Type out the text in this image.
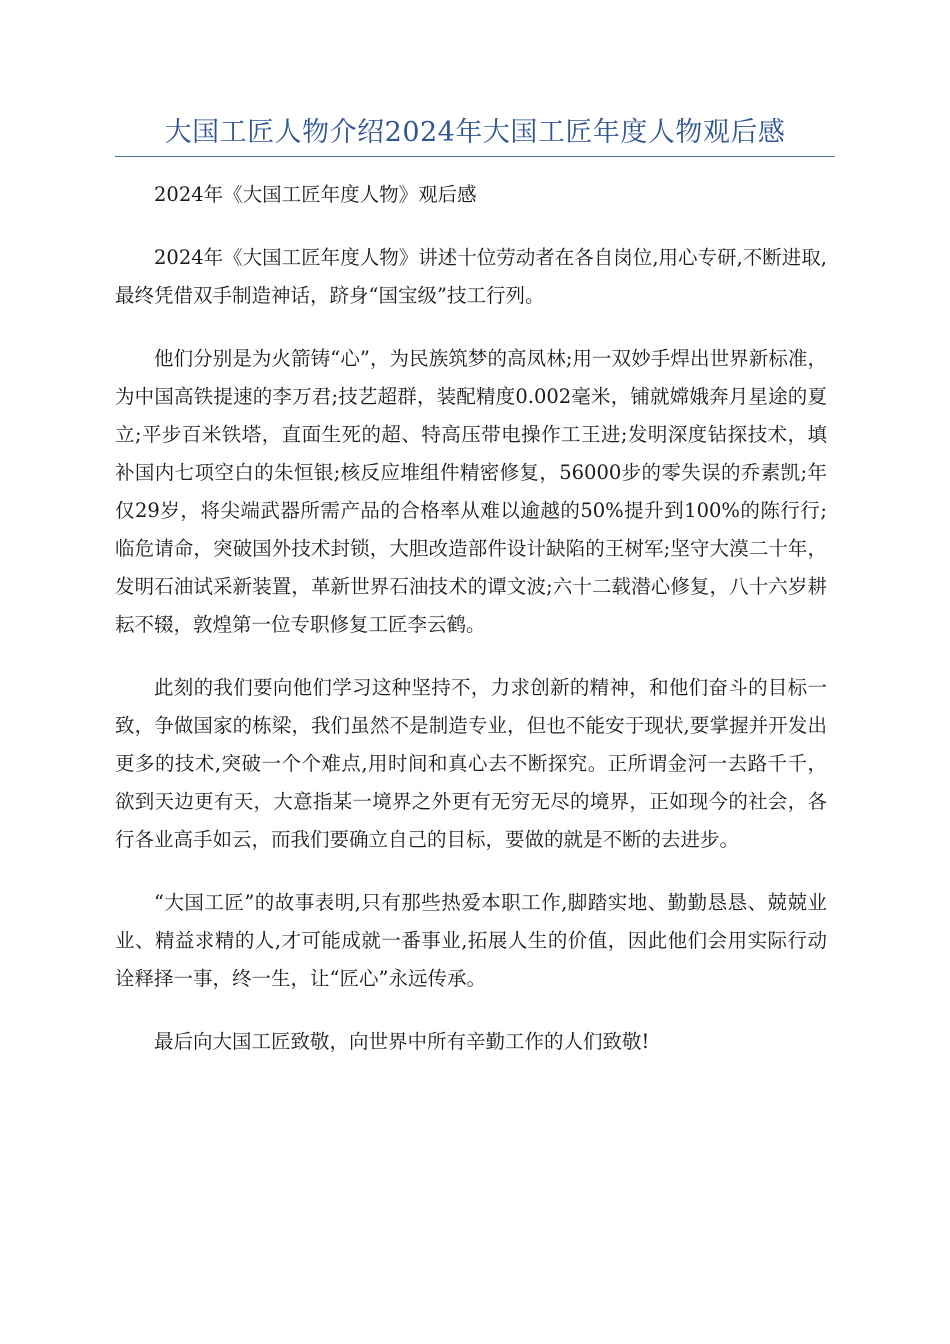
大国工匠人物介绍2024年大国工匠年度人物观后感

2024年《大国工匠年度人物》观后感

2024年《大国工匠年度人物》讲述十位劳动者在各自岗位,用心专研,不断进取,最终凭借双手制造神话，跻身“国宝级”技工行列。

他们分别是为火箭铸“心”，为民族筑梦的高凤林;用一双妙手焊出世界新标准，为中国高铁提速的李万君;技艺超群，装配精度0.002毫米，铺就嫦娥奔月星途的夏立;平步百米铁塔，直面生死的超、特高压带电操作工王进;发明深度钻探技术，填补国内七项空白的朱恒银;核反应堆组件精密修复，56000步的零失误的乔素凯;年仅29岁，将尖端武器所需产品的合格率从难以逾越的50%提升到100%的陈行行;临危请命，突破国外技术封锁，大胆改造部件设计缺陷的王树军;坚守大漠二十年，发明石油试采新装置，革新世界石油技术的谭文波;六十二载潜心修复，八十六岁耕耘不辍，敦煌第一位专职修复工匠李云鹤。

此刻的我们要向他们学习这种坚持不，力求创新的精神，和他们奋斗的目标一致，争做国家的栋梁，我们虽然不是制造专业，但也不能安于现状,要掌握并开发出更多的技术,突破一个个难点,用时间和真心去不断探究。正所谓金河一去路千千，欲到天边更有天，大意指某一境界之外更有无穷无尽的境界，正如现今的社会，各行各业高手如云，而我们要确立自己的目标，要做的就是不断的去进步。

“大国工匠”的故事表明,只有那些热爱本职工作,脚踏实地、勤勤恳恳、兢兢业业、精益求精的人,才可能成就一番事业,拓展人生的价值，因此他们会用实际行动诠释择一事，终一生，让“匠心”永远传承。

最后向大国工匠致敬，向世界中所有辛勤工作的人们致敬!
